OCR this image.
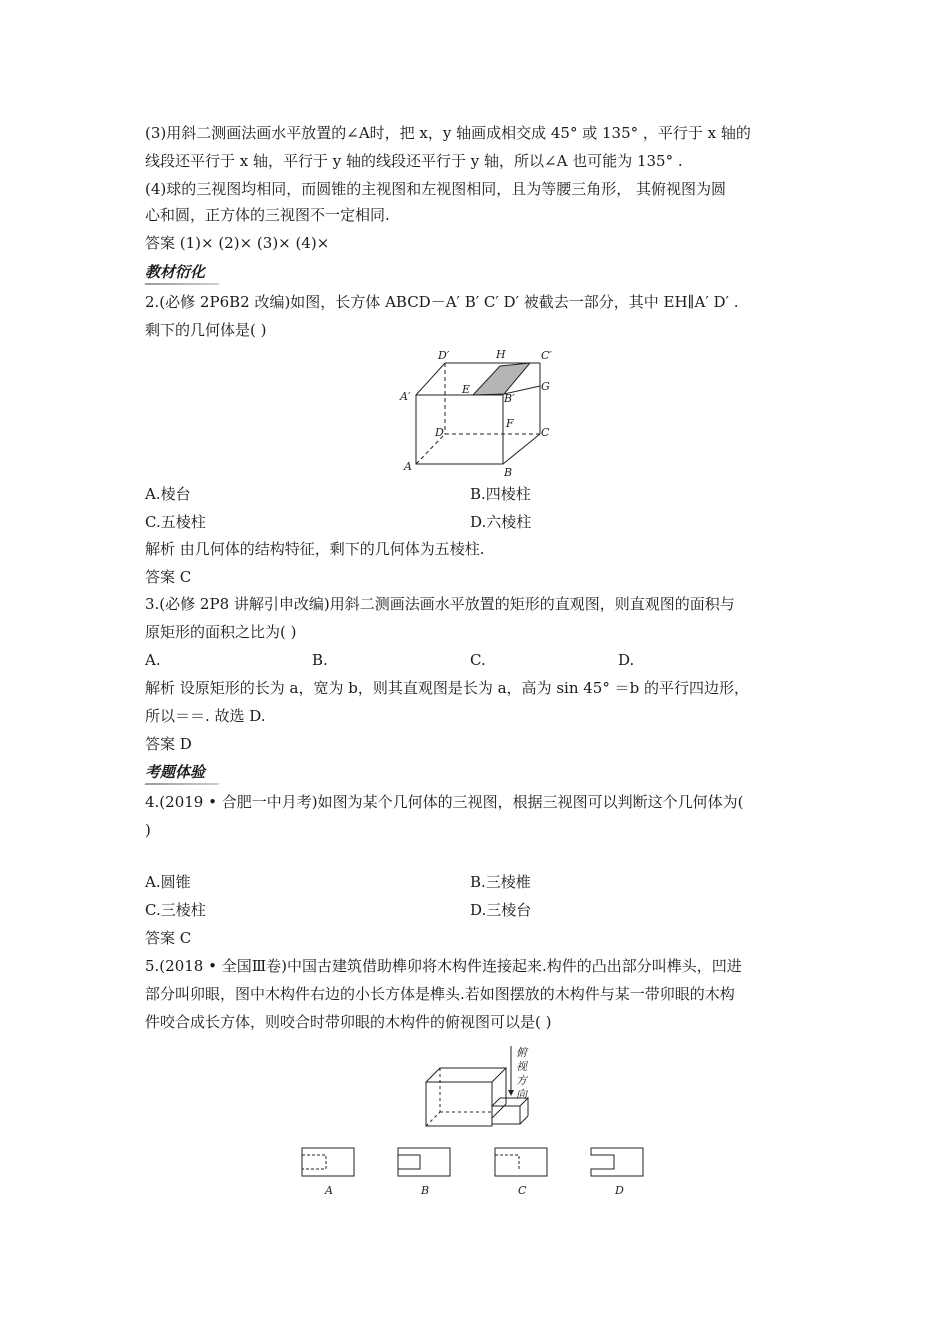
(3)用斜二测画法画水平放置的∠A时，把 x，y 轴画成相交成 45° 或 135° ，平行于 x 轴的
线段还平行于 x 轴，平行于 y 轴的线段还平行于 y 轴，所以∠A 也可能为 135° .
(4)球的三视图均相同，而圆锥的主视图和左视图相同，且为等腰三角形， 其俯视图为圆
心和圆，正方体的三视图不一定相同.
答案 (1)× (2)× (3)× (4)×
教材衍化
2.(必修 2P6B2 改编)如图，长方体 ABCD－A′ B′ C′ D′ 被截去一部分，其中 EH∥A′ D′ .
剩下的几何体是( )
D′	H	C′
E	G
A′	B′
F
D	C
A	B
A.棱台	B.四棱柱
C.五棱柱	D.六棱柱
解析 由几何体的结构特征，剩下的几何体为五棱柱.
答案 C
3.(必修 2P8 讲解引申改编)用斜二测画法画水平放置的矩形的直观图，则直观图的面积与
原矩形的面积之比为( )
A.	B.	C.	D.
解析 设原矩形的长为 a，宽为 b，则其直观图是长为 a，高为 sin 45° ＝b 的平行四边形，
所以＝＝. 故选 D.
答案 D
考题体验
4.(2019 • 合肥一中月考)如图为某个几何体的三视图，根据三视图可以判断这个几何体为(
)
A.圆锥	B.三棱椎
C.三棱柱	D.三棱台
答案 C
5.(2018 • 全国Ⅲ卷)中国古建筑借助榫卯将木构件连接起来.构件的凸出部分叫榫头，凹进
部分叫卯眼，图中木构件右边的小长方体是榫头.若如图摆放的木构件与某一带卯眼的木构
件咬合成长方体，则咬合时带卯眼的木构件的俯视图可以是( )
俯
视
方
向
A	B	C	D
